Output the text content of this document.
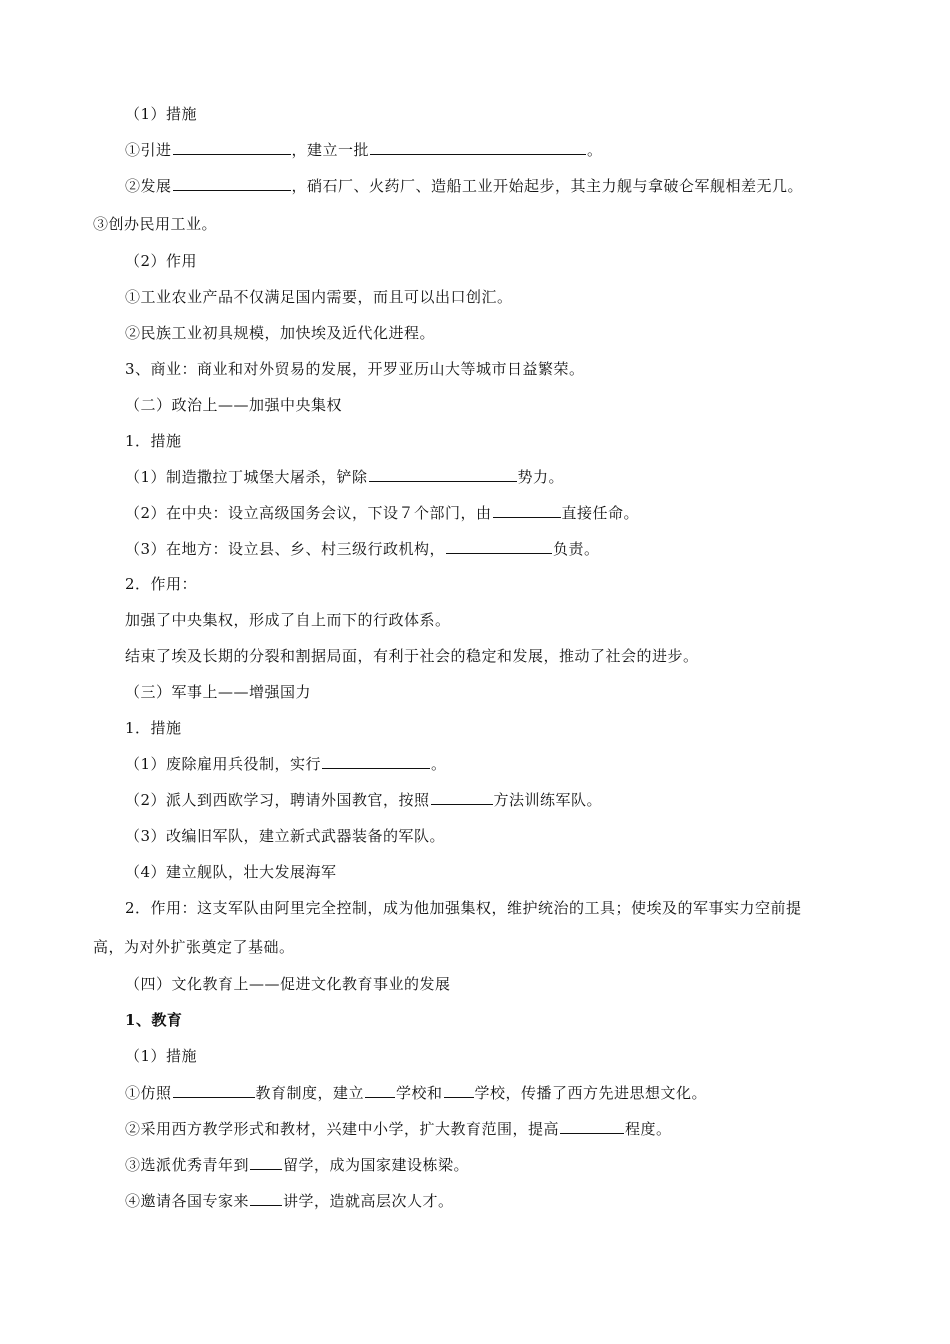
（1）措施
①引进	，建立一批	。
②发展	，硝石厂、火药厂、造船工业开始起步，其主力舰与拿破仑军舰相差无几。
③创办民用工业。
（2）作用
①工业农业产品不仅满足国内需要，而且可以出口创汇。
②民族工业初具规模，加快埃及近代化进程。
3、商业：商业和对外贸易的发展，开罗亚历山大等城市日益繁荣。
（二）政治上——加强中央集权
1．措施
（1）制造撒拉丁城堡大屠杀，铲除	势力。
（2）在中央：设立高级国务会议，下设７个部门，由	直接任命。
（3）在地方：设立县、乡、村三级行政机构，	负责。
2．作用：
加强了中央集权，形成了自上而下的行政体系。
结束了埃及长期的分裂和割据局面，有利于社会的稳定和发展，推动了社会的进步。
（三）军事上——增强国力
1．措施
（1）废除雇用兵役制，实行	。
（2）派人到西欧学习，聘请外国教官，按照	方法训练军队。
（3）改编旧军队，建立新式武器装备的军队。
（4）建立舰队，壮大发展海军
2．作用：这支军队由阿里完全控制，成为他加强集权，维护统治的工具；使埃及的军事实力空前提
高，为对外扩张奠定了基础。
（四）文化教育上——促进文化教育事业的发展
1、教育
（1）措施
①仿照	教育制度，建立 学校和 学校，传播了西方先进思想文化。
②采用西方教学形式和教材，兴建中小学，扩大教育范围，提高	程度。
③选派优秀青年到 留学，成为国家建设栋梁。
④邀请各国专家来 讲学，造就高层次人才。
